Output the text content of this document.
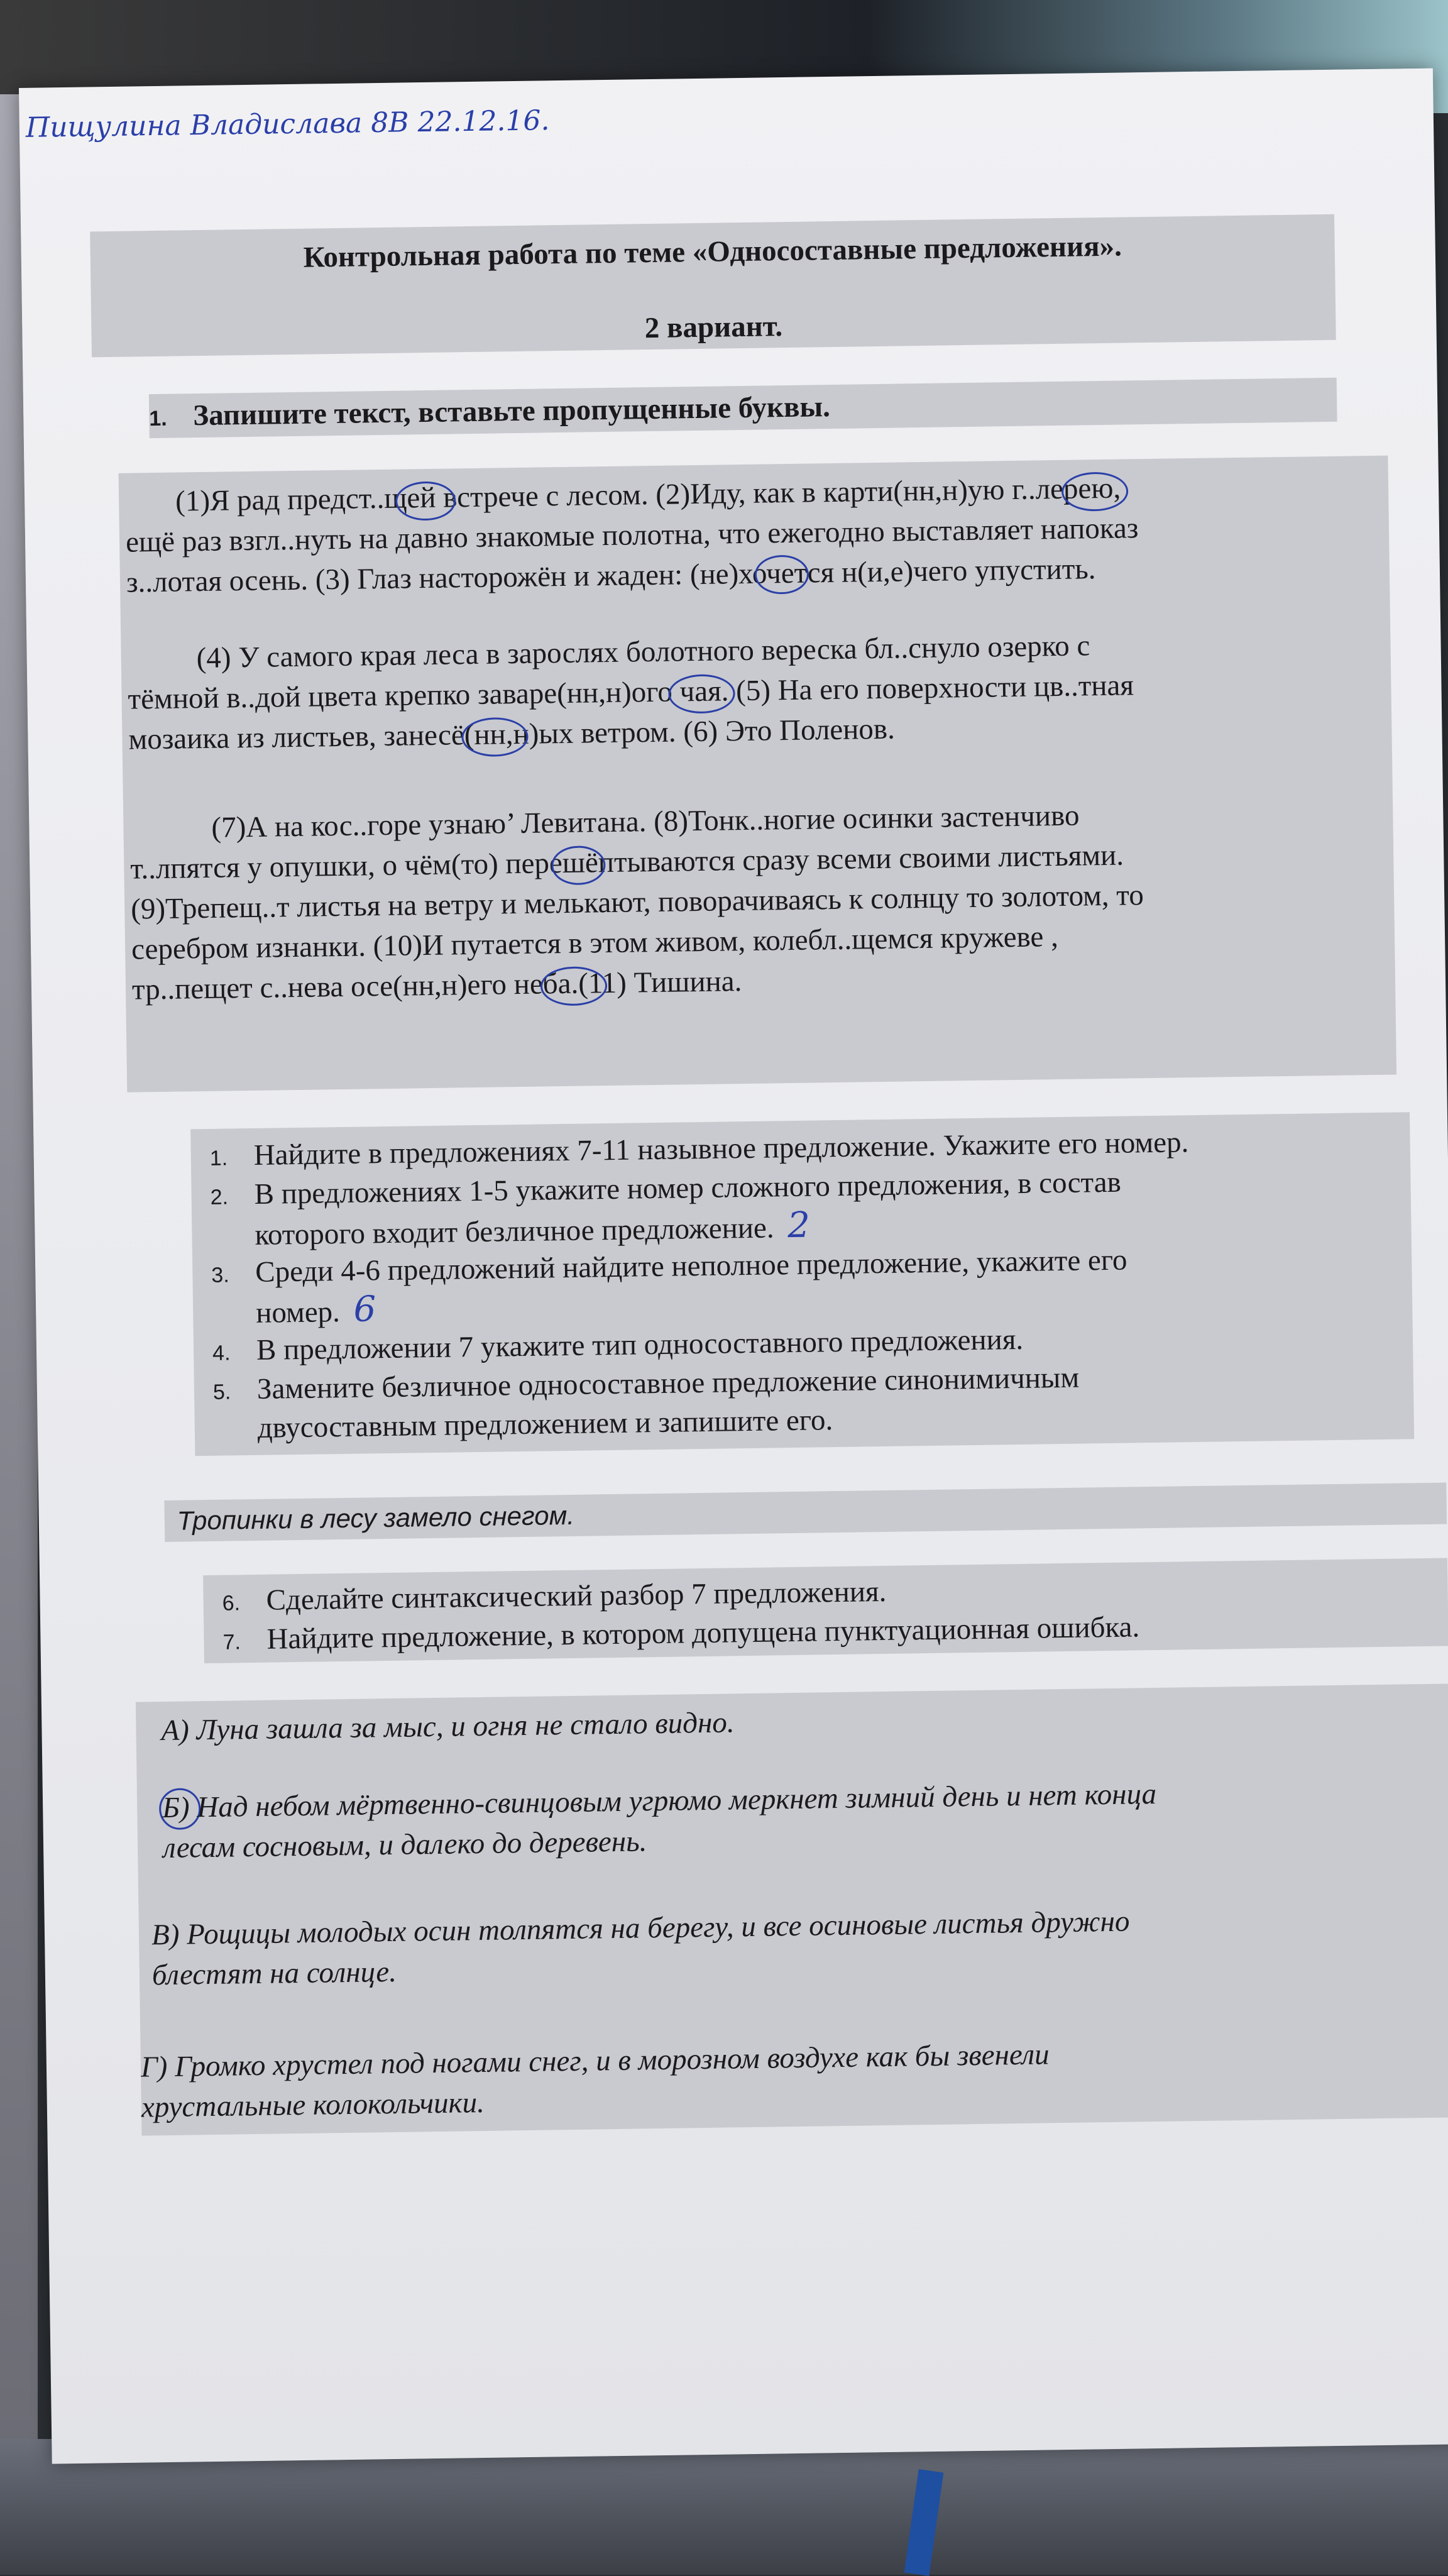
Пищулина Владислава 8В 22.12.16.
Контрольная работа по теме «Односоставные предложения».
2 вариант.
1. Запишите текст, вставьте пропущенные буквы.
(1)Я рад предст..щей встрече с лесом. (2)Иду, как в карти(нн,н)ую г..лерею,
ещё раз взгл..нуть на давно знакомые полотна, что ежегодно выставляет напоказ
з..лотая осень. (3) Глаз насторожён и жаден: (не)хочется н(и,е)чего упустить.
(4) У самого края леса в зарослях болотного вереска бл..снуло озерко с
тёмной в..дой цвета крепко заваре(нн,н)ого чая. (5) На его поверхности цв..тная
мозаика из листьев, занесё(нн,н)ых ветром. (6) Это Поленов.
(7)А на кос..горе узнаю’ Левитана. (8)Тонк..ногие осинки застенчиво
т..лпятся у опушки, о чём(то) перешёптываются сразу всеми своими листьями.
(9)Трепещ..т листья на ветру и мелькают, поворачиваясь к солнцу то золотом, то
серебром изнанки. (10)И путается в этом живом, колебл..щемся кружеве ,
тр..пещет с..нева осе(нн,н)его неба.(11) Тишина.
1. Найдите в предложениях 7-11 назывное предложение. Укажите его номер.
2. В предложениях 1-5 укажите номер сложного предложения, в состав
которого входит безличное предложение. 2
3. Среди 4-6 предложений найдите неполное предложение, укажите его
номер. 6
4. В предложении 7 укажите тип односоставного предложения.
5. Замените безличное односоставное предложение синонимичным
двусоставным предложением и запишите его.
Тропинки в лесу замело снегом.
6. Сделайте синтаксический разбор 7 предложения.
7. Найдите предложение, в котором допущена пунктуационная ошибка.
А) Луна зашла за мыс, и огня не стало видно.
Б) Над небом мёртвенно-свинцовым угрюмо меркнет зимний день и нет конца
лесам сосновым, и далеко до деревень.
В) Рощицы молодых осин толпятся на берегу, и все осиновые листья дружно
блестят на солнце.
Г) Громко хрустел под ногами снег, и в морозном воздухе как бы звенели
хрустальные колокольчики.
